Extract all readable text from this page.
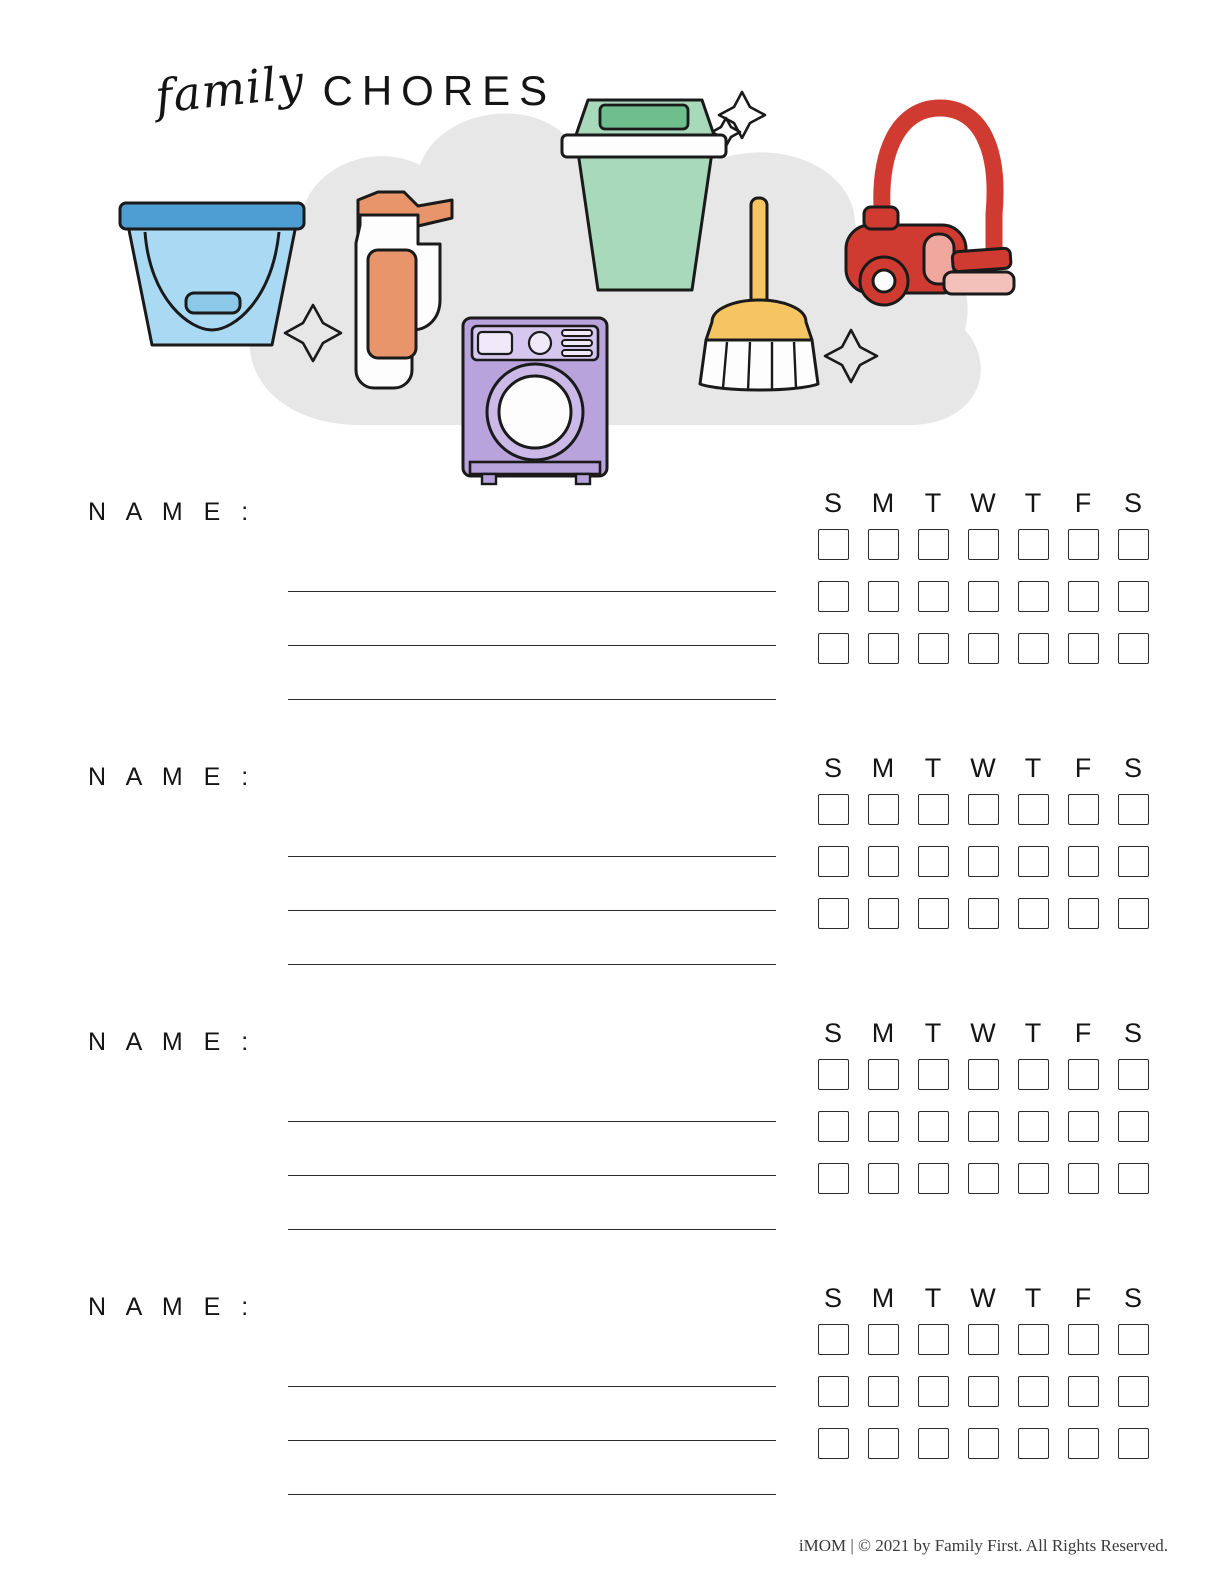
family CHORES
N A M E :	S	M	T	W	T	F	S
N A M E :	S	M	T	W	T	F	S
N A M E :	S	M	T	W	T	F	S
N A M E :	S	M	T	W	T	F	S
iMOM | © 2021 by Family First. All Rights Reserved.
